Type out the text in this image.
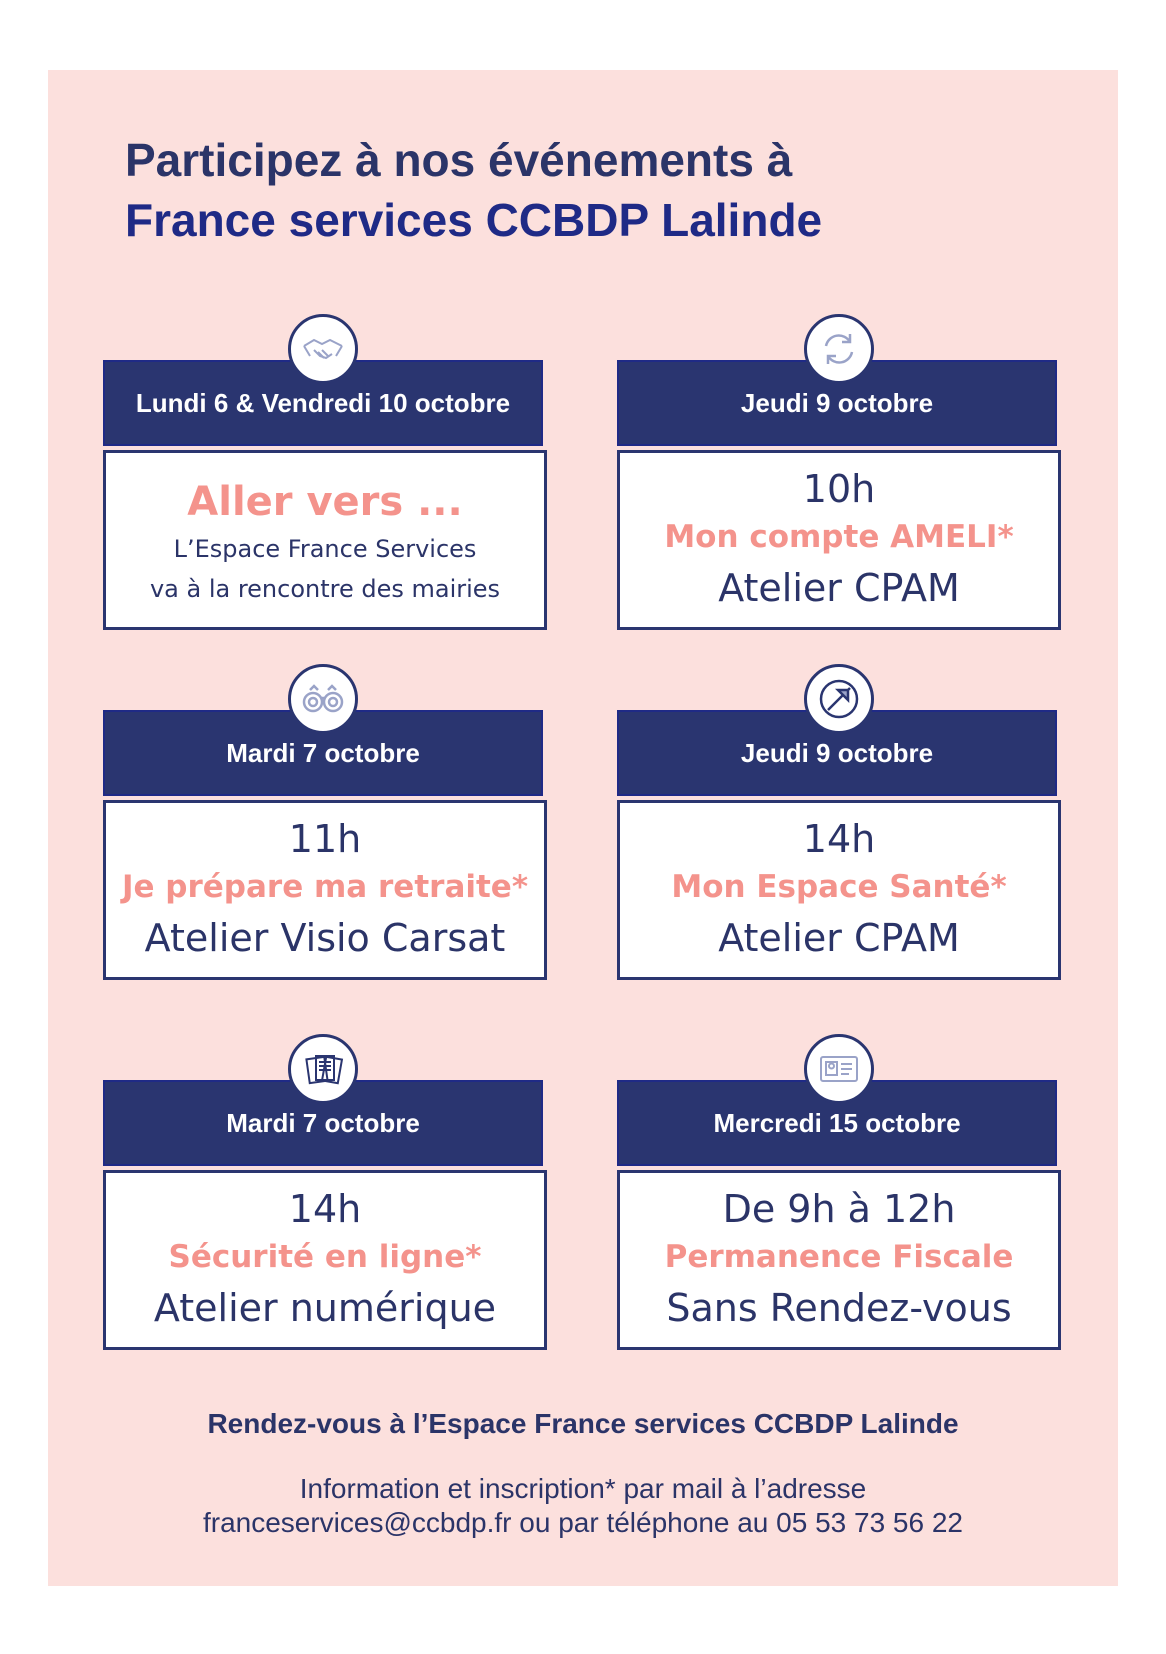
Participez à nos événements à
France services CCBDP Lalinde
Lundi 6 & Vendredi 10 octobre
Aller vers ...
L’Espace France Services
va à la rencontre des mairies
Jeudi 9 octobre
10h
Mon compte AMELI*
Atelier CPAM
Mardi 7 octobre
11h
Je prépare ma retraite*
Atelier Visio Carsat
Jeudi 9 octobre
14h
Mon Espace Santé*
Atelier CPAM
Mardi 7 octobre
14h
Sécurité en ligne*
Atelier numérique
Mercredi 15 octobre
De 9h à 12h
Permanence Fiscale
Sans Rendez-vous
Rendez-vous à l’Espace France services CCBDP Lalinde
Information et inscription* par mail à l’adresse
franceservices@ccbdp.fr ou par téléphone au 05 53 73 56 22
